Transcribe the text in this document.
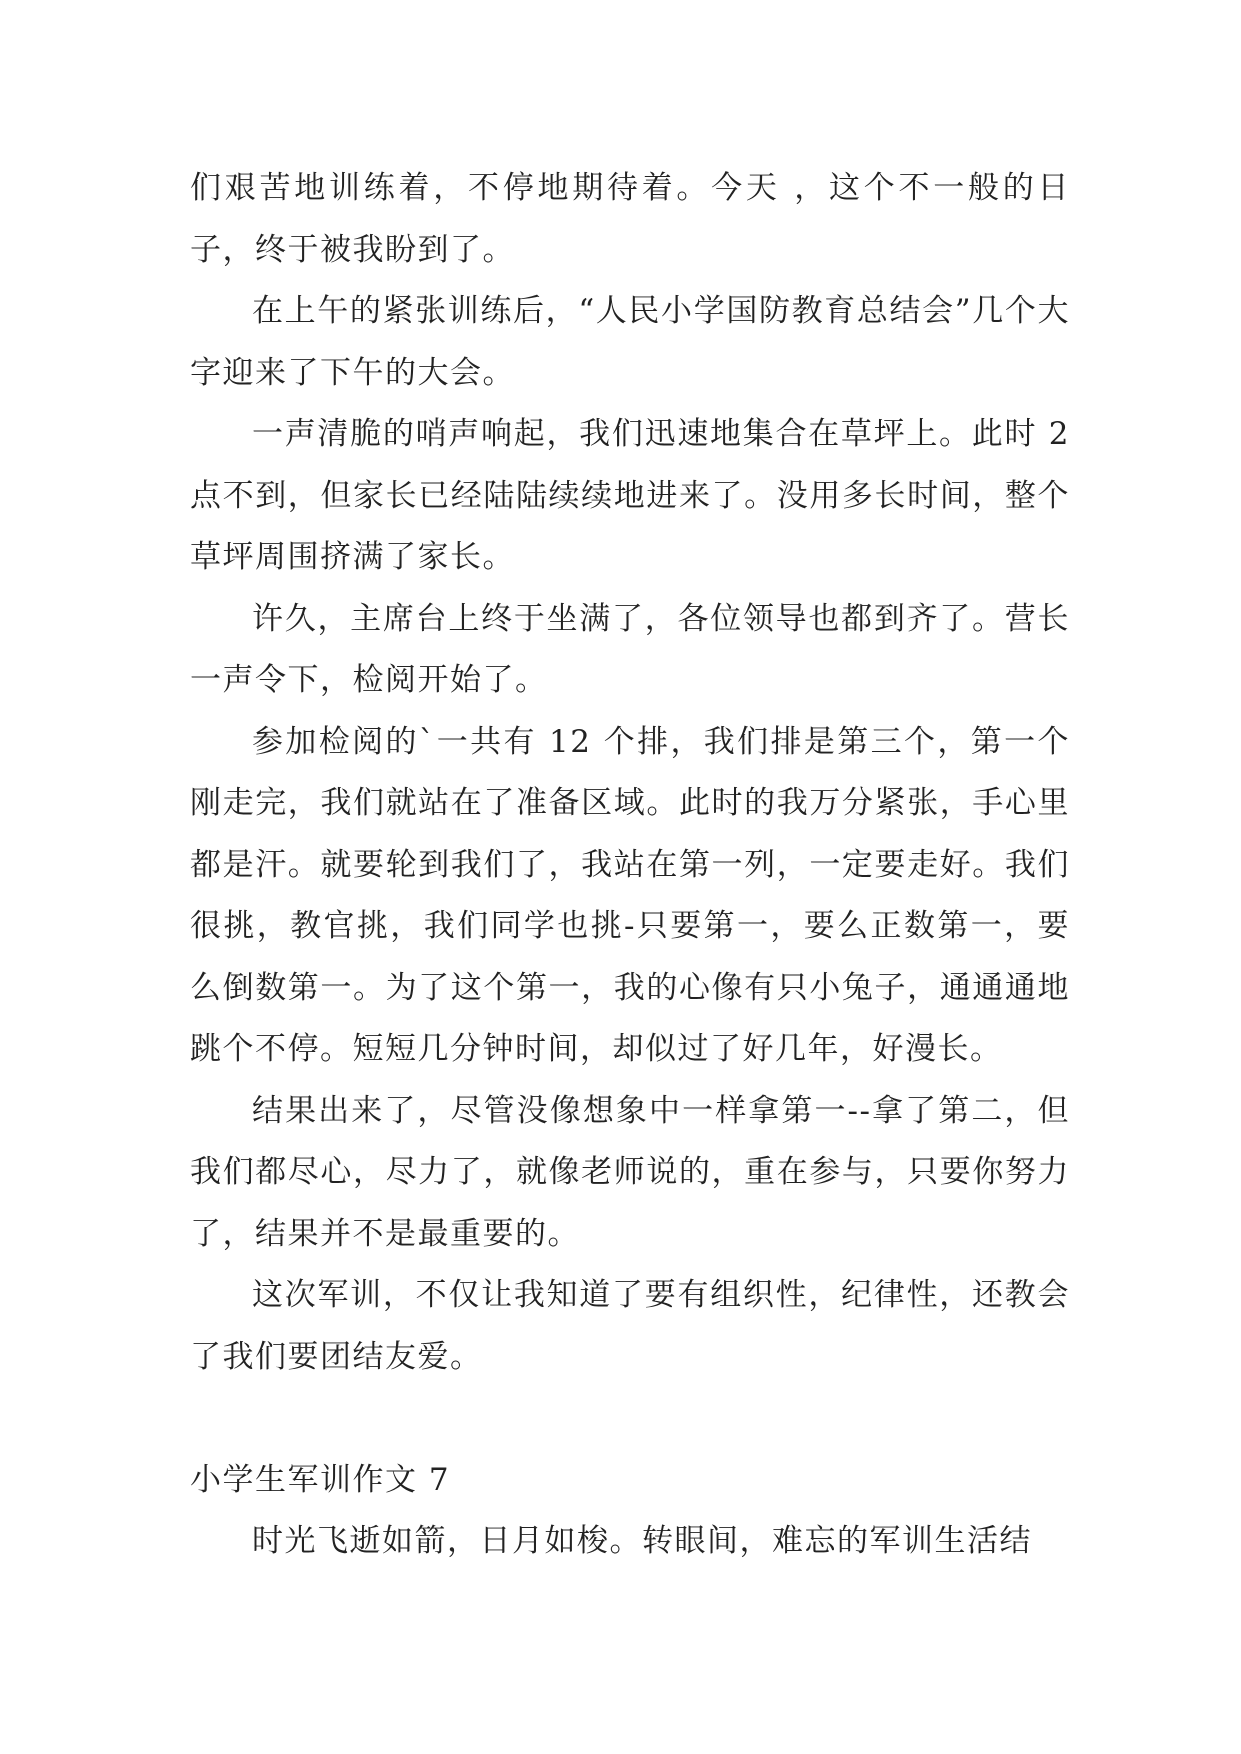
们艰苦地训练着，不停地期待着。今天 ，这个不一般的日子，终于被我盼到了。

在上午的紧张训练后，“人民小学国防教育总结会”几个大字迎来了下午的大会。

一声清脆的哨声响起，我们迅速地集合在草坪上。此时 2 点不到，但家长已经陆陆续续地进来了。没用多长时间，整个草坪周围挤满了家长。

许久，主席台上终于坐满了，各位领导也都到齐了。营长一声令下，检阅开始了。

参加检阅的`一共有 12 个排，我们排是第三个，第一个刚走完，我们就站在了准备区域。此时的我万分紧张，手心里都是汗。就要轮到我们了，我站在第一列，一定要走好。我们很挑，教官挑，我们同学也挑-只要第一，要么正数第一，要么倒数第一。为了这个第一，我的心像有只小兔子，通通通地跳个不停。短短几分钟时间，却似过了好几年，好漫长。

结果出来了，尽管没像想象中一样拿第一--拿了第二，但我们都尽心，尽力了，就像老师说的，重在参与，只要你努力了，结果并不是最重要的。

这次军训，不仅让我知道了要有组织性，纪律性，还教会了我们要团结友爱。

小学生军训作文 7

时光飞逝如箭，日月如梭。转眼间，难忘的军训生活结
